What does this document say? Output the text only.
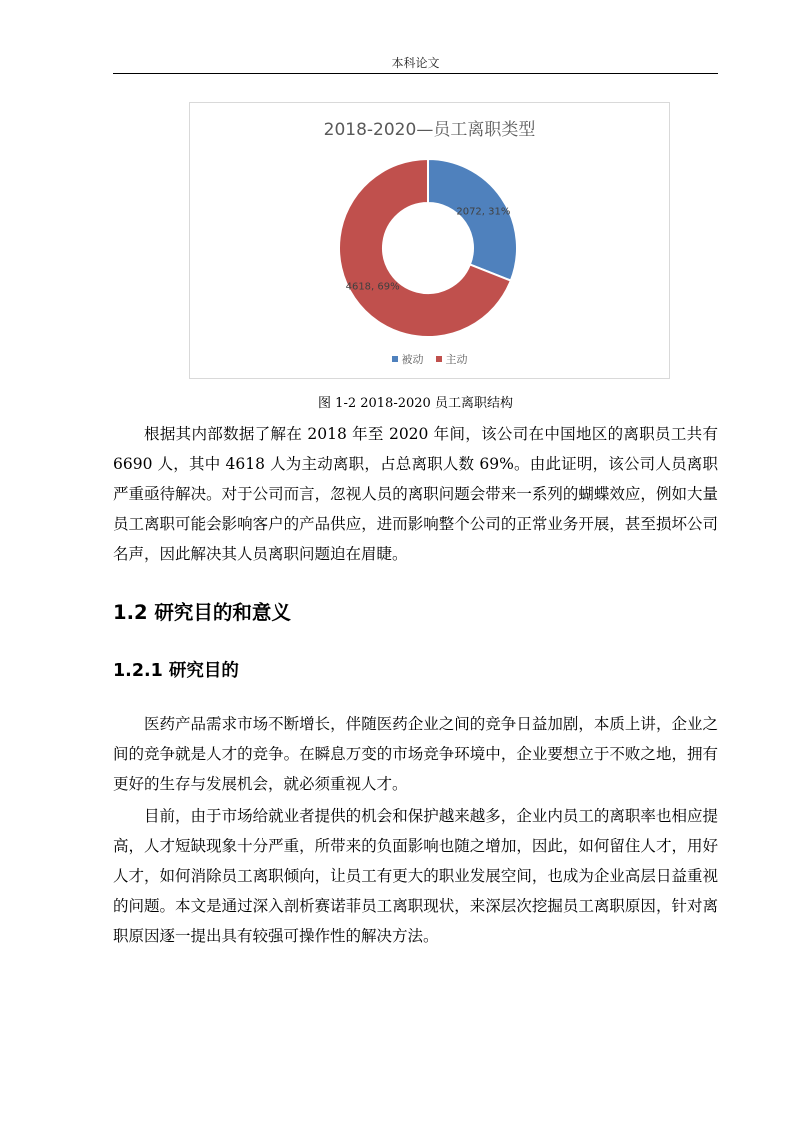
本科论文
2018-2020—员工离职类型
2072, 31%
4618, 69%
被动 主动
图 1-2 2018-2020 员工离职结构

根据其内部数据了解在 2018 年至 2020 年间，该公司在中国地区的离职员工共有 6690 人，其中 4618 人为主动离职，占总离职人数 69%。由此证明，该公司人员离职严重亟待解决。对于公司而言，忽视人员的离职问题会带来一系列的蝴蝶效应，例如大量员工离职可能会影响客户的产品供应，进而影响整个公司的正常业务开展，甚至损坏公司名声，因此解决其人员离职问题迫在眉睫。

1.2 研究目的和意义
1.2.1 研究目的

医药产品需求市场不断增长，伴随医药企业之间的竞争日益加剧，本质上讲，企业之间的竞争就是人才的竞争。在瞬息万变的市场竞争环境中，企业要想立于不败之地，拥有更好的生存与发展机会，就必须重视人才。

目前，由于市场给就业者提供的机会和保护越来越多，企业内员工的离职率也相应提高，人才短缺现象十分严重，所带来的负面影响也随之增加，因此，如何留住人才，用好人才，如何消除员工离职倾向，让员工有更大的职业发展空间，也成为企业高层日益重视的问题。本文是通过深入剖析赛诺菲员工离职现状，来深层次挖掘员工离职原因，针对离职原因逐一提出具有较强可操作性的解决方法。
